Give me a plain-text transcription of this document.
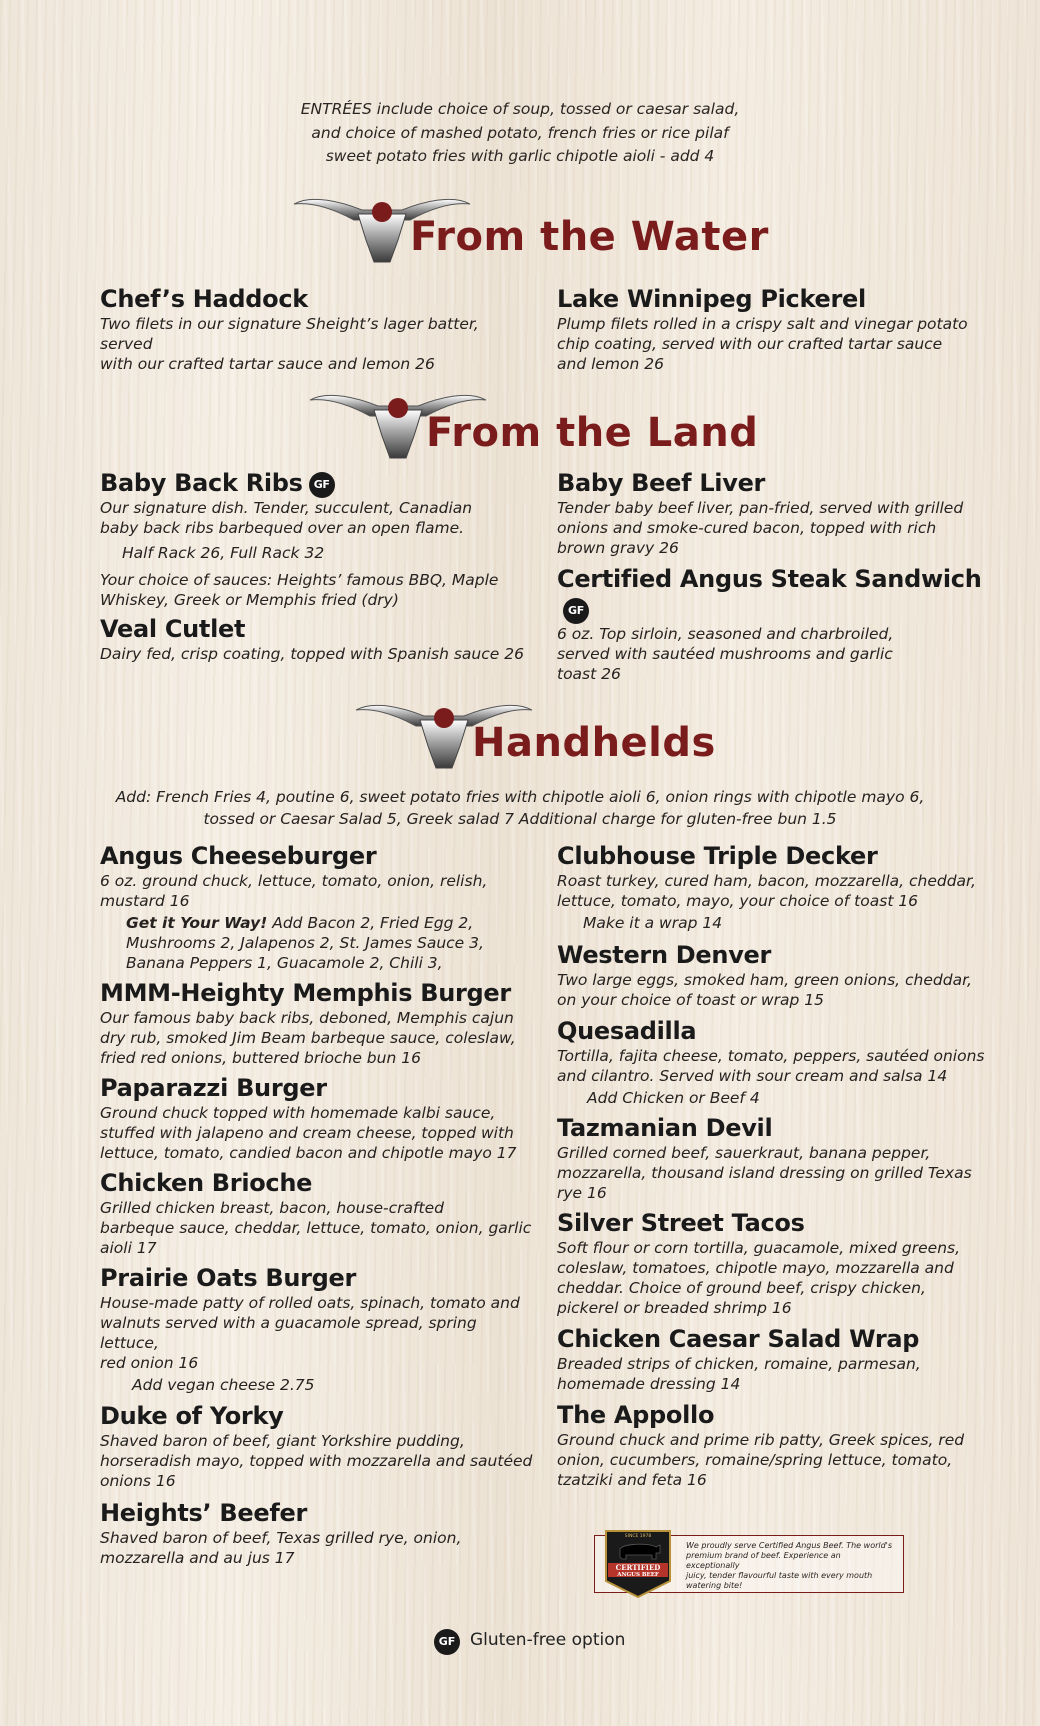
ENTRÉES include choice of soup, tossed or caesar salad,
and choice of mashed potato, french fries or rice pilaf
sweet potato fries with garlic chipotle aioli - add 4
From the Water
Chef’s Haddock
Two filets in our signature Sheight’s lager batter, served
with our crafted tartar sauce and lemon 26
Lake Winnipeg Pickerel
Plump filets rolled in a crispy salt and vinegar potato
chip coating, served with our crafted tartar sauce
and lemon 26
From the Land
Baby Back Ribs GF
Our signature dish. Tender, succulent, Canadian
baby back ribs barbequed over an open flame.
Half Rack 26, Full Rack 32
Your choice of sauces: Heights’ famous BBQ, Maple
Whiskey, Greek or Memphis fried (dry)
Veal Cutlet
Dairy fed, crisp coating, topped with Spanish sauce 26
Baby Beef Liver
Tender baby beef liver, pan-fried, served with grilled
onions and smoke-cured bacon, topped with rich
brown gravy 26
Certified Angus Steak SandwichGF
6 oz. Top sirloin, seasoned and charbroiled,
served with sautéed mushrooms and garlic
toast 26
Handhelds
Add: French Fries 4, poutine 6, sweet potato fries with chipotle aioli 6, onion rings with chipotle mayo 6,
tossed or Caesar Salad 5, Greek salad 7 Additional charge for gluten-free bun 1.5
Angus Cheeseburger
6 oz. ground chuck, lettuce, tomato, onion, relish,
mustard 16
Get it Your Way! Add Bacon 2, Fried Egg 2,
Mushrooms 2, Jalapenos 2, St. James Sauce 3,
Banana Peppers 1, Guacamole 2, Chili 3,
MMM-Heighty Memphis Burger
Our famous baby back ribs, deboned, Memphis cajun
dry rub, smoked Jim Beam barbeque sauce, coleslaw,
fried red onions, buttered brioche bun 16
Paparazzi Burger
Ground chuck topped with homemade kalbi sauce,
stuffed with jalapeno and cream cheese, topped with
lettuce, tomato, candied bacon and chipotle mayo 17
Chicken Brioche
Grilled chicken breast, bacon, house-crafted
barbeque sauce, cheddar, lettuce, tomato, onion, garlic
aioli 17
Prairie Oats Burger
House-made patty of rolled oats, spinach, tomato and
walnuts served with a guacamole spread, spring lettuce,
red onion 16
Add vegan cheese 2.75
Duke of Yorky
Shaved baron of beef, giant Yorkshire pudding,
horseradish mayo, topped with mozzarella and sautéed
onions 16
Heights’ Beefer
Shaved baron of beef, Texas grilled rye, onion,
mozzarella and au jus 17
Clubhouse Triple Decker
Roast turkey, cured ham, bacon, mozzarella, cheddar,
lettuce, tomato, mayo, your choice of toast 16
Make it a wrap 14
Western Denver
Two large eggs, smoked ham, green onions, cheddar,
on your choice of toast or wrap 15
Quesadilla
Tortilla, fajita cheese, tomato, peppers, sautéed onions
and cilantro. Served with sour cream and salsa 14
Add Chicken or Beef 4
Tazmanian Devil
Grilled corned beef, sauerkraut, banana pepper,
mozzarella, thousand island dressing on grilled Texas
rye 16
Silver Street Tacos
Soft flour or corn tortilla, guacamole, mixed greens,
coleslaw, tomatoes, chipotle mayo, mozzarella and
cheddar. Choice of ground beef, crispy chicken,
pickerel or breaded shrimp 16
Chicken Caesar Salad Wrap
Breaded strips of chicken, romaine, parmesan,
homemade dressing 14
The Appollo
Ground chuck and prime rib patty, Greek spices, red
onion, cucumbers, romaine/spring lettuce, tomato,
tzatziki and feta 16
SINCE 1978
CERTIFIED
ANGUS BEEF
We proudly serve Certified Angus Beef. The world's
premium brand of beef. Experience an exceptionally
juicy, tender flavourful taste with every mouth
watering bite!
GF Gluten-free option
